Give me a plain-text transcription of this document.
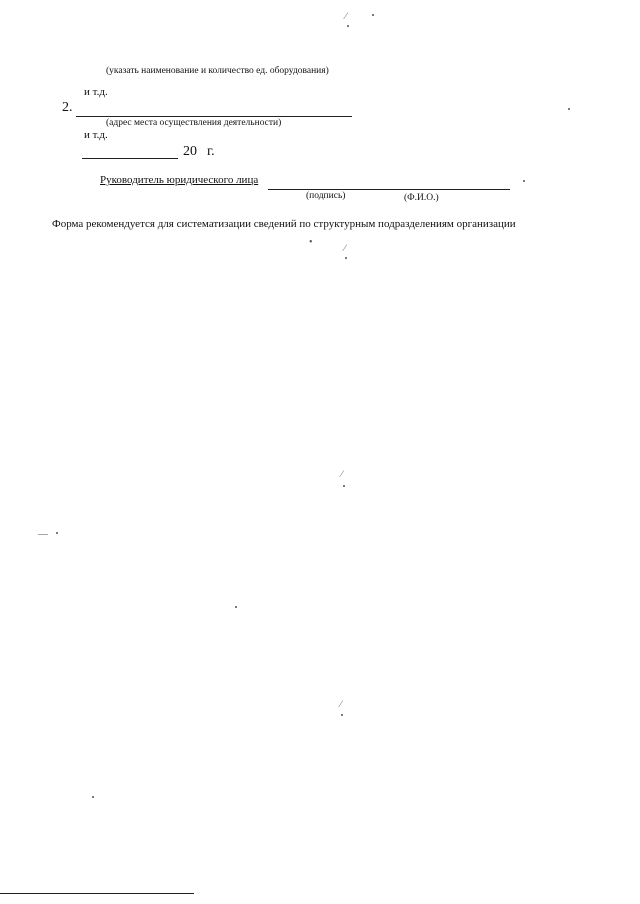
(указать наименование и количество ед. оборудования)
и т.д.
2.
(адрес места осуществления деятельности)
и т.д.
20 г.
Руководитель юридического лица
(подпись)	(Ф.И.О.)
Форма рекомендуется для систематизации сведений по структурным подразделениям организации
⁄
•	⁄
⁄
—
⁄
